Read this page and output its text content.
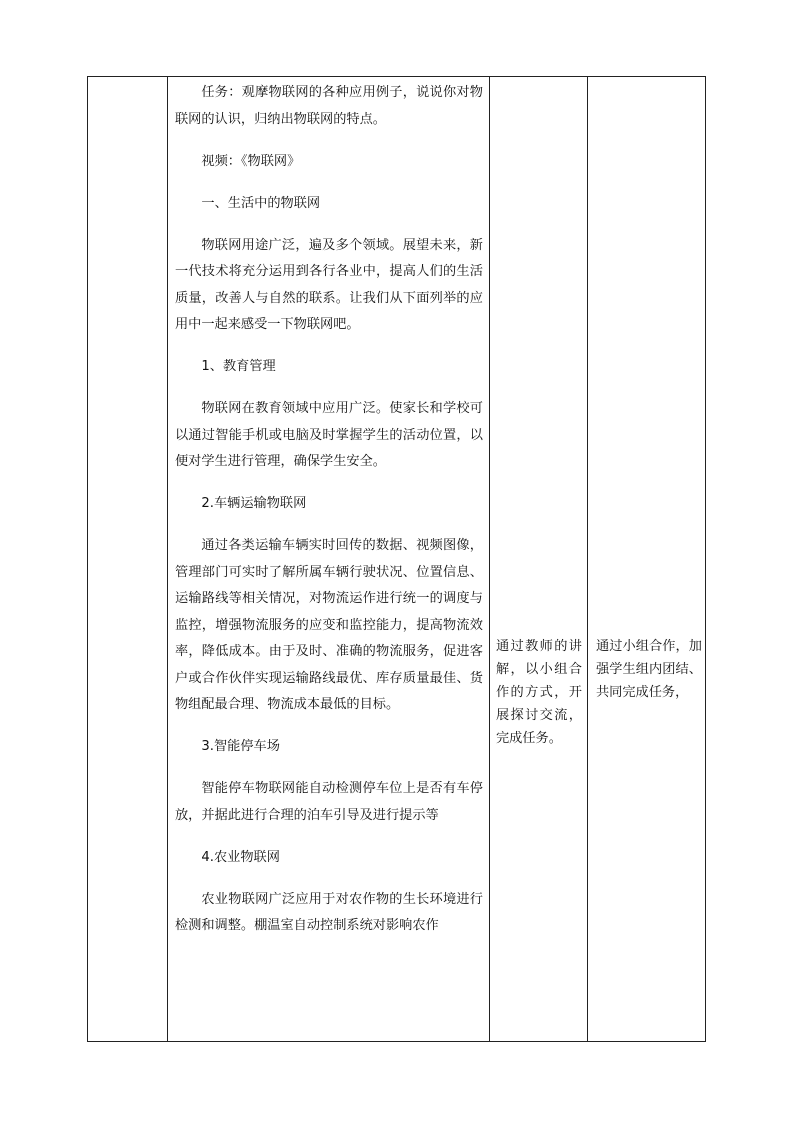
任务：观摩物联网的各种应用例子，说说你对物联网的认识，归纳出物联网的特点。

视频：《物联网》

一、生活中的物联网

物联网用途广泛，遍及多个领域。展望未来，新一代技术将充分运用到各行各业中，提高人们的生活质量，改善人与自然的联系。让我们从下面列举的应用中一起来感受一下物联网吧。

1、教育管理

物联网在教育领域中应用广泛。使家长和学校可以通过智能手机或电脑及时掌握学生的活动位置，以便对学生进行管理，确保学生安全。

2.车辆运输物联网

通过各类运输车辆实时回传的数据、视频图像，管理部门可实时了解所属车辆行驶状况、位置信息、运输路线等相关情况，对物流运作进行统一的调度与监控，增强物流服务的应变和监控能力，提高物流效率，降低成本。由于及时、准确的物流服务，促进客户或合作伙伴实现运输路线最优、库存质量最佳、货物组配最合理、物流成本最低的目标。

3.智能停车场

智能停车物联网能自动检测停车位上是否有车停放，并据此进行合理的泊车引导及进行提示等

4.农业物联网

农业物联网广泛应用于对农作物的生长环境进行检测和调整。棚温室自动控制系统对影响农作

通过教师的讲解，以小组合作的方式，开展探讨交流，完成任务。
通过小组合作，加强学生组内团结、共同完成任务，
